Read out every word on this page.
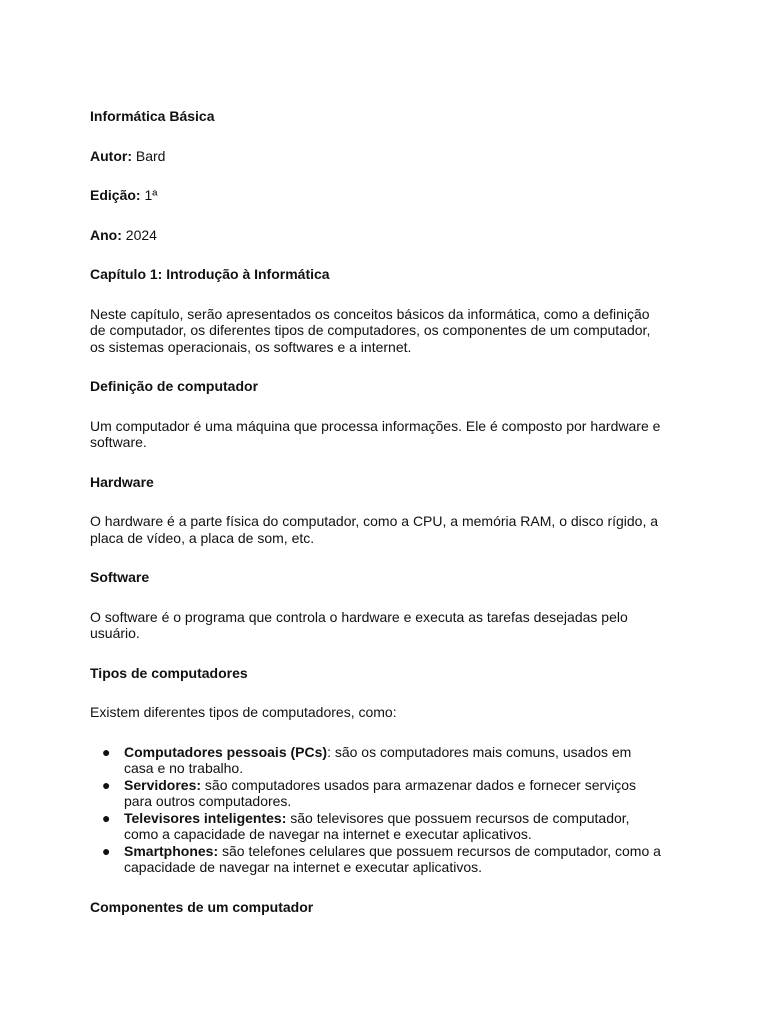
Informática Básica

Autor: Bard

Edição: 1ª

Ano: 2024

Capítulo 1: Introdução à Informática

Neste capítulo, serão apresentados os conceitos básicos da informática, como a definição

de computador, os diferentes tipos de computadores, os componentes de um computador,

os sistemas operacionais, os softwares e a internet.

Definição de computador

Um computador é uma máquina que processa informações. Ele é composto por hardware e

software.

Hardware

O hardware é a parte física do computador, como a CPU, a memória RAM, o disco rígido, a

placa de vídeo, a placa de som, etc.

Software

O software é o programa que controla o hardware e executa as tarefas desejadas pelo

usuário.

Tipos de computadores

Existem diferentes tipos de computadores, como:

● Computadores pessoais (PCs): são os computadores mais comuns, usados em

casa e no trabalho.

● Servidores: são computadores usados para armazenar dados e fornecer serviços

para outros computadores.

● Televisores inteligentes: são televisores que possuem recursos de computador,

como a capacidade de navegar na internet e executar aplicativos.

● Smartphones: são telefones celulares que possuem recursos de computador, como a

capacidade de navegar na internet e executar aplicativos.

Componentes de um computador
